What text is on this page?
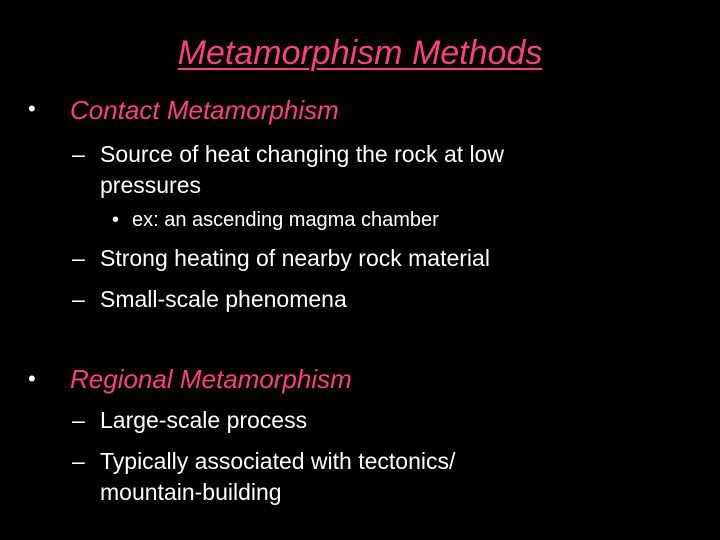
Metamorphism Methods
• Contact Metamorphism
– Source of heat changing the rock at low
pressures
• ex: an ascending magma chamber
– Strong heating of nearby rock material
– Small-scale phenomena
• Regional Metamorphism
– Large-scale process
– Typically associated with tectonics/
mountain-building
